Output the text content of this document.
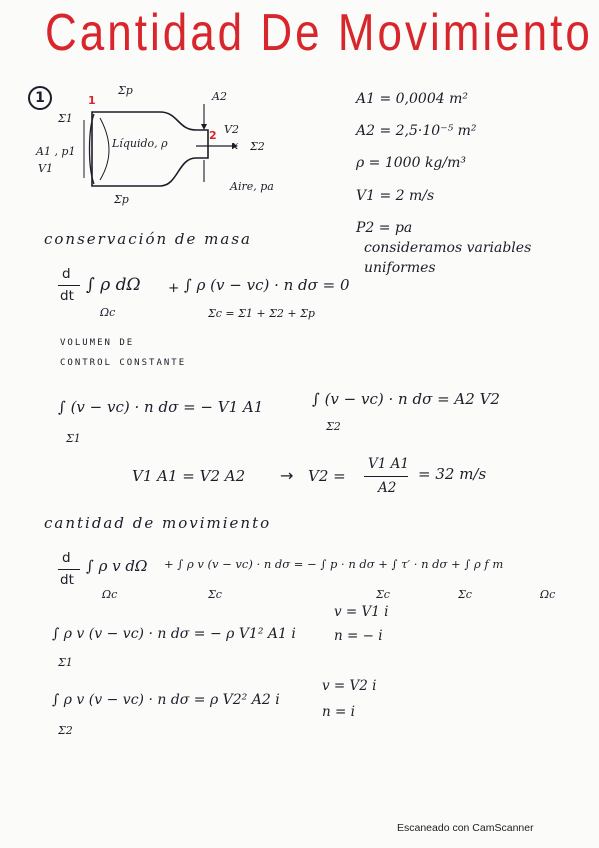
Cantidad De Movimiento
1	Σp
Σp
Σ1
Σ2
A2
V2
x
A1 , p1
V1
1
2
Líquido, ρ
Aire, pa
A1 = 0,0004 m²
A2 = 2,5·10⁻⁵ m²
ρ = 1000 kg/m³
V1 = 2 m/s
P2 = pa
consideramos variables
uniformes
conservación de masa
d
dt
∫ ρ dΩ
Ωc
+ ∫ ρ (v − vc) · n dσ = 0
Σc = Σ1 + Σ2 + Σp
VOLUMEN DE
CONTROL CONSTANTE
∫ (v − vc) · n dσ = − V1 A1
Σ1
∫ (v − vc) · n dσ = A2 V2
Σ2
V1 A1 = V2 A2 → V2 =
V1 A1
A2
= 32 m/s
cantidad de movimiento
d
dt
∫ ρ v dΩ
Ωc
+ ∫ ρ v (v − vc) · n dσ = − ∫ p · n dσ + ∫ τ′ · n dσ + ∫ ρ f m
Σc	Σc	Σc	Ωc
∫ ρ v (v − vc) · n dσ = − ρ V1² A1 i
Σ1
v = V1 i
n = − i
∫ ρ v (v − vc) · n dσ = ρ V2² A2 i
Σ2
v = V2 i
n = i
Escaneado con CamScanner
